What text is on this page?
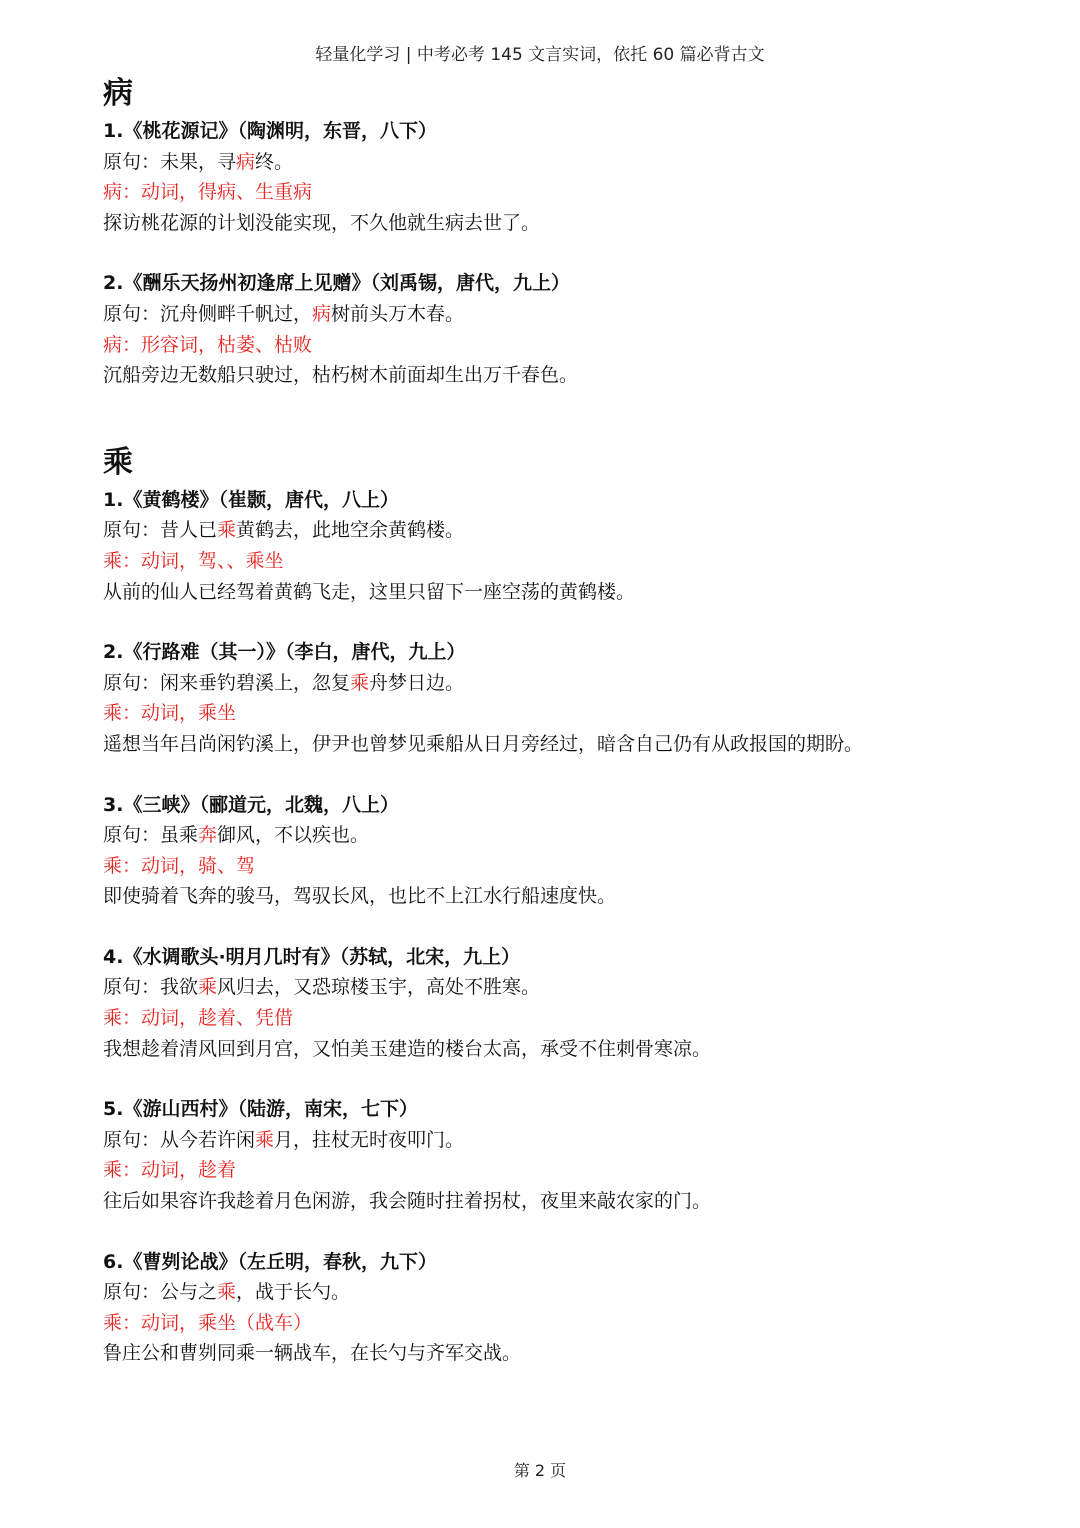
轻量化学习 | 中考必考 145 文言实词，依托 60 篇必背古文
病
1.《桃花源记》（陶渊明，东晋，八下）
原句：未果，寻病终。
病：动词，得病、生重病
探访桃花源的计划没能实现，不久他就生病去世了。
2.《酬乐天扬州初逢席上见赠》（刘禹锡，唐代，九上）
原句：沉舟侧畔千帆过，病树前头万木春。
病：形容词，枯萎、枯败
沉船旁边无数船只驶过，枯朽树木前面却生出万千春色。
乘
1.《黄鹤楼》（崔颢，唐代，八上）
原句：昔人已乘黄鹤去，此地空余黄鹤楼。
乘：动词，驾、、乘坐
从前的仙人已经驾着黄鹤飞走，这里只留下一座空荡的黄鹤楼。
2.《行路难（其一）》（李白，唐代，九上）
原句：闲来垂钓碧溪上，忽复乘舟梦日边。
乘：动词，乘坐
遥想当年吕尚闲钓溪上，伊尹也曾梦见乘船从日月旁经过，暗含自己仍有从政报国的期盼。
3.《三峡》（郦道元，北魏，八上）
原句：虽乘奔御风，不以疾也。
乘：动词，骑、驾
即使骑着飞奔的骏马，驾驭长风，也比不上江水行船速度快。
4.《水调歌头·明月几时有》（苏轼，北宋，九上）
原句：我欲乘风归去，又恐琼楼玉宇，高处不胜寒。
乘：动词，趁着、凭借
我想趁着清风回到月宫，又怕美玉建造的楼台太高，承受不住刺骨寒凉。
5.《游山西村》（陆游，南宋，七下）
原句：从今若许闲乘月，拄杖无时夜叩门。
乘：动词，趁着
往后如果容许我趁着月色闲游，我会随时拄着拐杖，夜里来敲农家的门。
6.《曹刿论战》（左丘明，春秋，九下）
原句：公与之乘，战于长勺。
乘：动词，乘坐（战车）
鲁庄公和曹刿同乘一辆战车，在长勺与齐军交战。
第 2 页
